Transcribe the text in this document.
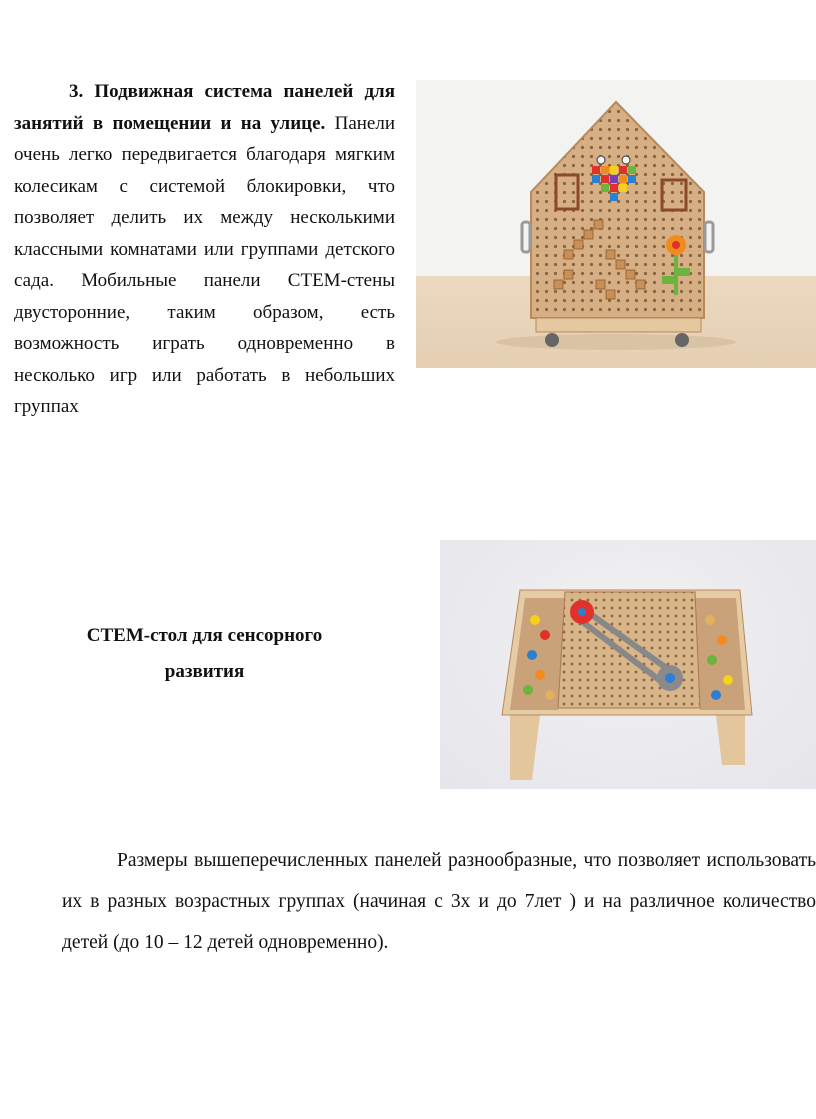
3. Подвижная система панелей для занятий в помещении и на улице. Панели очень легко передвигается благодаря мягким колесикам с системой блокировки, что позволяет делить их между несколькими классными комнатами или группами детского сада. Мобильные панели СТЕМ-стены двусторонние, таким образом, есть возможность играть одновременно в несколько игр или работать в небольших группах
СТЕМ-стол для сенсорного
развития
Размеры вышеперечисленных панелей разнообразные, что позволяет использовать их в разных возрастных группах (начиная с 3х и до 7лет ) и на различное количество детей (до 10 – 12 детей одновременно).
